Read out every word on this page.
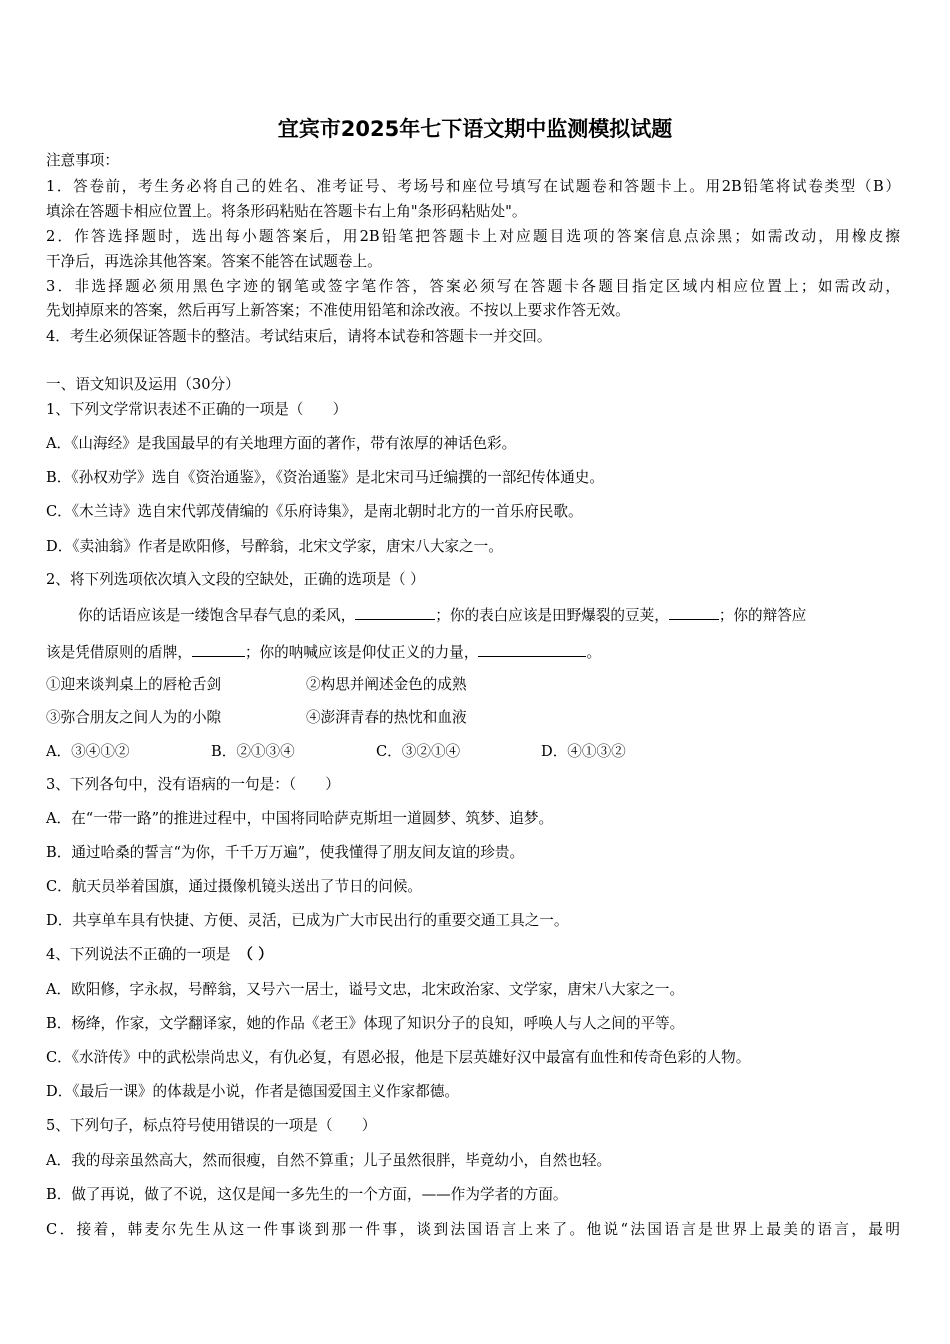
宜宾市2025年七下语文期中监测模拟试题
注意事项：
1．答卷前，考生务必将自己的姓名、准考证号、考场号和座位号填写在试题卷和答题卡上。用2B铅笔将试卷类型（B）
填涂在答题卡相应位置上。将条形码粘贴在答题卡右上角"条形码粘贴处"。
2．作答选择题时，选出每小题答案后，用2B铅笔把答题卡上对应题目选项的答案信息点涂黑；如需改动，用橡皮擦
干净后，再选涂其他答案。答案不能答在试题卷上。
3．非选择题必须用黑色字迹的钢笔或签字笔作答，答案必须写在答题卡各题目指定区域内相应位置上；如需改动，
先划掉原来的答案，然后再写上新答案；不准使用铅笔和涂改液。不按以上要求作答无效。
4．考生必须保证答题卡的整洁。考试结束后，请将本试卷和答题卡一并交回。
一、语文知识及运用（30分）
1、下列文学常识表述不正确的一项是（　　）
A．《山海经》是我国最早的有关地理方面的著作，带有浓厚的神话色彩。
B．《孙权劝学》选自《资治通鉴》，《资治通鉴》是北宋司马迁编撰的一部纪传体通史。
C．《木兰诗》选自宋代郭茂倩编的《乐府诗集》，是南北朝时北方的一首乐府民歌。
D．《卖油翁》作者是欧阳修，号醉翁，北宋文学家，唐宋八大家之一。
2、将下列选项依次填入文段的空缺处，正确的选项是（ ）
你的话语应该是一缕饱含早春气息的柔风，	；你的表白应该是田野爆裂的豆荚，	；你的辩答应
该是凭借原则的盾牌，	；你的呐喊应该是仰仗正义的力量，	。
①迎来谈判桌上的唇枪舌剑	②构思并阐述金色的成熟
③弥合朋友之间人为的小隙	④澎湃青春的热忱和血液
A．③④①②	B．②①③④	C．③②①④	D．④①③②
3、下列各句中，没有语病的一句是：（　　）
A．在“一带一路”的推进过程中，中国将同哈萨克斯坦一道圆梦、筑梦、追梦。
B．通过哈桑的誓言“为你，千千万万遍”，使我懂得了朋友间友谊的珍贵。
C．航天员举着国旗，通过摄像机镜头送出了节日的问候。
D．共享单车具有快捷、方便、灵活，已成为广大市民出行的重要交通工具之一。
4、下列说法不正确的一项是 （ ）
A．欧阳修，字永叔，号醉翁，又号六一居士，谥号文忠，北宋政治家、文学家，唐宋八大家之一。
B．杨绛，作家，文学翻译家，她的作品《老王》体现了知识分子的良知，呼唤人与人之间的平等。
C．《水浒传》中的武松崇尚忠义，有仇必复，有恩必报，他是下层英雄好汉中最富有血性和传奇色彩的人物。
D．《最后一课》的体裁是小说，作者是德国爱国主义作家都德。
5、下列句子，标点符号使用错误的一项是（　　）
A．我的母亲虽然高大，然而很瘦，自然不算重；儿子虽然很胖，毕竟幼小，自然也轻。
B．做了再说，做了不说，这仅是闻一多先生的一个方面，——作为学者的方面。
C．接着，韩麦尔先生从这一件事谈到那一件事，谈到法国语言上来了。他说“法国语言是世界上最美的语言，最明
